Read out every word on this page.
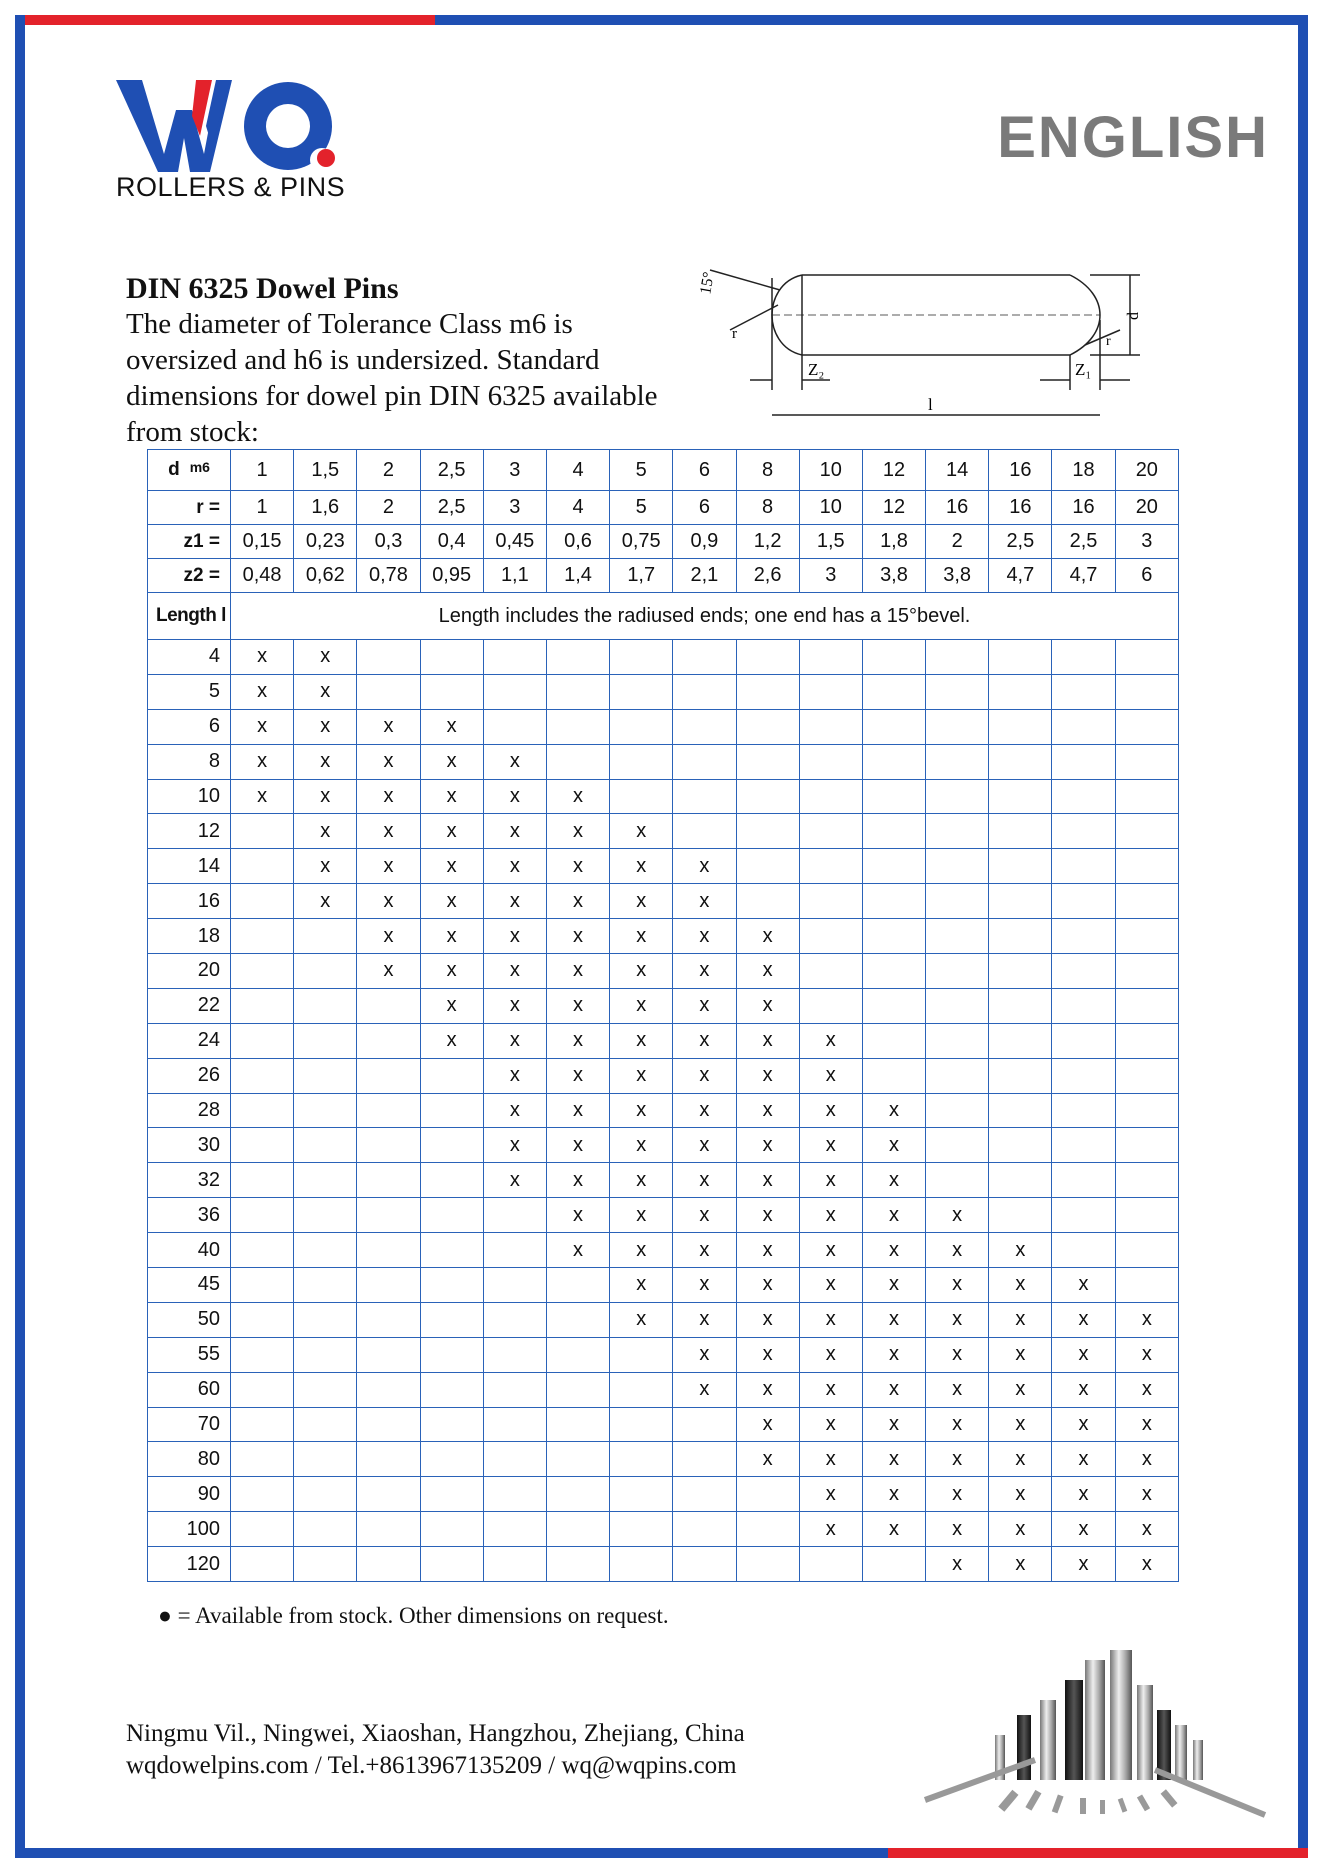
ROLLERS & PINS
ENGLISH
DIN 6325 Dowel Pins
The diameter of Tolerance Class m6 is oversized and h6 is undersized. Standard dimensions for dowel pin DIN 6325 available from stock:
15°
r
d
Z₂	Z₁
l
r
d $^{m6}$	1	1,5	2	2,5	3	4	5	6	8	10	12	14	16	18	20
r =	1	1,6	2	2,5	3	4	5	6	8	10	12	16	16	16	20
z1 =	0,15	0,23	0,3	0,4	0,45	0,6	0,75	0,9	1,2	1,5	1,8	2	2,5	2,5	3
z2 =	0,48	0,62	0,78	0,95	1,1	1,4	1,7	2,1	2,6	3	3,8	3,8	4,7	4,7	6
Length l	Length includes the radiused ends; one end has a 15°bevel.														
4	x	x													
5	x	x													
6	x	x	x	x											
8	x	x	x	x	x										
10	x	x	x	x	x	x									
12		x	x	x	x	x	x								
14		x	x	x	x	x	x	x							
16		x	x	x	x	x	x	x							
18			x	x	x	x	x	x	x						
20			x	x	x	x	x	x	x						
22				x	x	x	x	x	x						
24				x	x	x	x	x	x	x					
26					x	x	x	x	x	x					
28					x	x	x	x	x	x	x				
30					x	x	x	x	x	x	x				
32					x	x	x	x	x	x	x				
36						x	x	x	x	x	x	x			
40						x	x	x	x	x	x	x	x		
45							x	x	x	x	x	x	x	x	
50							x	x	x	x	x	x	x	x	x
55								x	x	x	x	x	x	x	x
60								x	x	x	x	x	x	x	x
70									x	x	x	x	x	x	x
80									x	x	x	x	x	x	x
90										x	x	x	x	x	x
100										x	x	x	x	x	x
120												x	x	x	x
● = Available from stock. Other dimensions on request.
Ningmu Vil., Ningwei, Xiaoshan, Hangzhou, Zhejiang, China
wqdowelpins.com / Tel.+8613967135209 / wq@wqpins.com
